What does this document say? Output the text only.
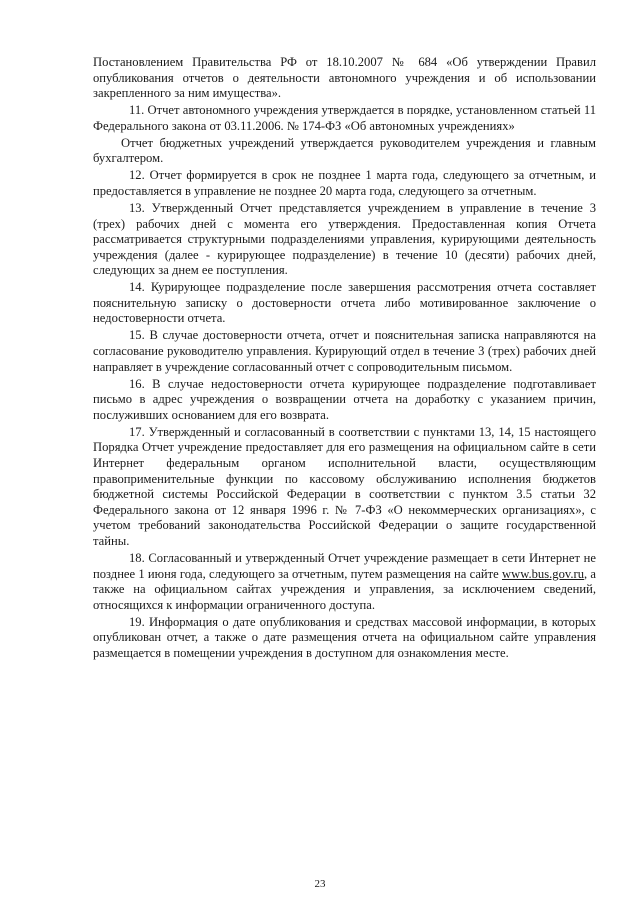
Постановлением Правительства РФ от 18.10.2007 № 684 «Об утверждении Правил опубликования отчетов о деятельности автономного учреждения и об использовании закрепленного за ним имущества».

11. Отчет автономного учреждения утверждается в порядке, установленном статьей 11 Федерального закона от 03.11.2006. № 174-ФЗ «Об автономных учреждениях»

Отчет бюджетных учреждений утверждается руководителем учреждения и главным бухгалтером.

12. Отчет формируется в срок не позднее 1 марта года, следующего за отчетным, и предоставляется в управление не позднее 20 марта года, следующего за отчетным.

13. Утвержденный Отчет представляется учреждением в управление в течение 3 (трех) рабочих дней с момента его утверждения. Предоставленная копия Отчета рассматривается структурными подразделениями управления, курирующими деятельность учреждения (далее - курирующее подразделение) в течение 10 (десяти) рабочих дней, следующих за днем ее поступления.

14. Курирующее подразделение после завершения рассмотрения отчета составляет пояснительную записку о достоверности отчета либо мотивированное заключение о недостоверности отчета.

15. В случае достоверности отчета, отчет и пояснительная записка направляются на согласование руководителю управления. Курирующий отдел в течение 3 (трех) рабочих дней направляет в учреждение согласованный отчет с сопроводительным письмом.

16. В случае недостоверности отчета курирующее подразделение подготавливает письмо в адрес учреждения о возвращении отчета на доработку с указанием причин, послуживших основанием для его возврата.

17. Утвержденный и согласованный в соответствии с пунктами 13, 14, 15 настоящего Порядка Отчет учреждение предоставляет для его размещения на официальном сайте в сети Интернет федеральным органом исполнительной власти, осуществляющим правоприменительные функции по кассовому обслуживанию исполнения бюджетов бюджетной системы Российской Федерации в соответствии с пунктом 3.5 статьи 32 Федерального закона от 12 января 1996 г. № 7-ФЗ «О некоммерческих организациях», с учетом требований законодательства Российской Федерации о защите государственной тайны.

18. Согласованный и утвержденный Отчет учреждение размещает в сети Интернет не позднее 1 июня года, следующего за отчетным, путем размещения на сайте www.bus.gov.ru, а также на официальном сайтах учреждения и управления, за исключением сведений, относящихся к информации ограниченного доступа.

19. Информация о дате опубликования и средствах массовой информации, в которых опубликован отчет, а также о дате размещения отчета на официальном сайте управления размещается в помещении учреждения в доступном для ознакомления месте.

23
